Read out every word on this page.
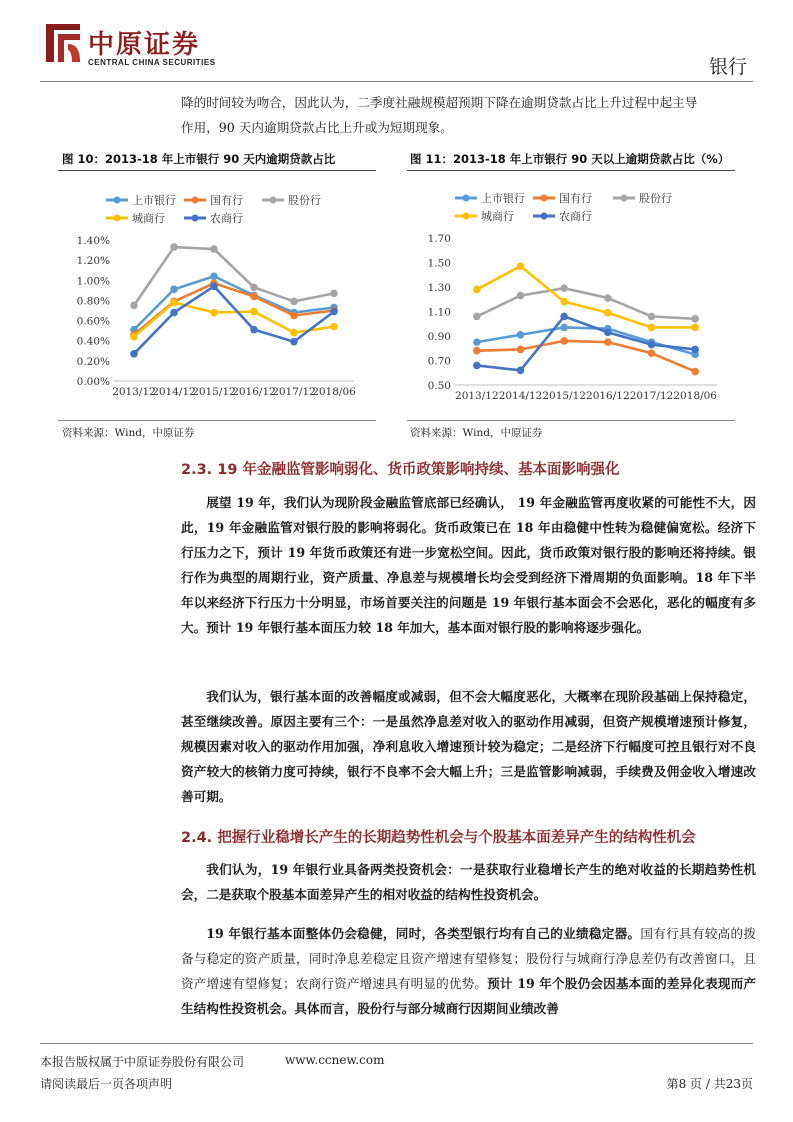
中原证券
CENTRAL CHINA SECURITIES	银行
降的时间较为吻合，因此认为，二季度社融规模超预期下降在逾期贷款占比上升过程中起主导
作用，90 天内逾期贷款占比上升或为短期现象。
图 10：2013-18 年上市银行 90 天内逾期贷款占比	图 11：2013-18 年上市银行 90 天以上逾期贷款占比（%）
上市银行	国有行	股份行
城商行	农商行
1.40%
1.20%
1.00%
0.80%
0.60%
0.40%
0.20%
0.00%
2013/12
2014/12
2015/12
2016/12
2017/12
2018/06
上市银行	国有行	股份行
城商行	农商行
1.70
1.50
1.30
1.10
0.90
0.70
0.50
2013/12 2014/12 2015/12 2016/12 2017/12 2018/06
资料来源：Wind，中原证券	资料来源：Wind，中原证券
2.3. 19 年金融监管影响弱化、货币政策影响持续、基本面影响强化
展望 19 年，我们认为现阶段金融监管底部已经确认， 19 年金融监管再度收紧的可能性不大，因此，19 年金融监管对银行股的影响将弱化。货币政策已在 18 年由稳健中性转为稳健偏宽松。经济下行压力之下，预计 19 年货币政策还有进一步宽松空间。因此，货币政策对银行股的影响还将持续。银行作为典型的周期行业，资产质量、净息差与规模增长均会受到经济下滑周期的负面影响。18 年下半年以来经济下行压力十分明显，市场首要关注的问题是 19 年银行基本面会不会恶化，恶化的幅度有多大。预计 19 年银行基本面压力较 18 年加大，基本面对银行股的影响将逐步强化。
我们认为，银行基本面的改善幅度或减弱，但不会大幅度恶化，大概率在现阶段基础上保持稳定，甚至继续改善。原因主要有三个：一是虽然净息差对收入的驱动作用减弱，但资产规模增速预计修复，规模因素对收入的驱动作用加强，净利息收入增速预计较为稳定；二是经济下行幅度可控且银行对不良资产较大的核销力度可持续，银行不良率不会大幅上升；三是监管影响减弱，手续费及佣金收入增速改善可期。
2.4. 把握行业稳增长产生的长期趋势性机会与个股基本面差异产生的结构性机会
我们认为，19 年银行业具备两类投资机会：一是获取行业稳增长产生的绝对收益的长期趋势性机会，二是获取个股基本面差异产生的相对收益的结构性投资机会。
19 年银行基本面整体仍会稳健，同时，各类型银行均有自己的业绩稳定器。国有行具有较高的拨备与稳定的资产质量，同时净息差稳定且资产增速有望修复；股份行与城商行净息差仍有改善窗口，且资产增速有望修复；农商行资产增速具有明显的优势。预计 19 年个股仍会因基本面的差异化表现而产生结构性投资机会。具体而言，股份行与部分城商行因期间业绩改善
本报告版权属于中原证券股份有限公司	www.ccnew.com
请阅读最后一页各项声明	第8 页 / 共23页
